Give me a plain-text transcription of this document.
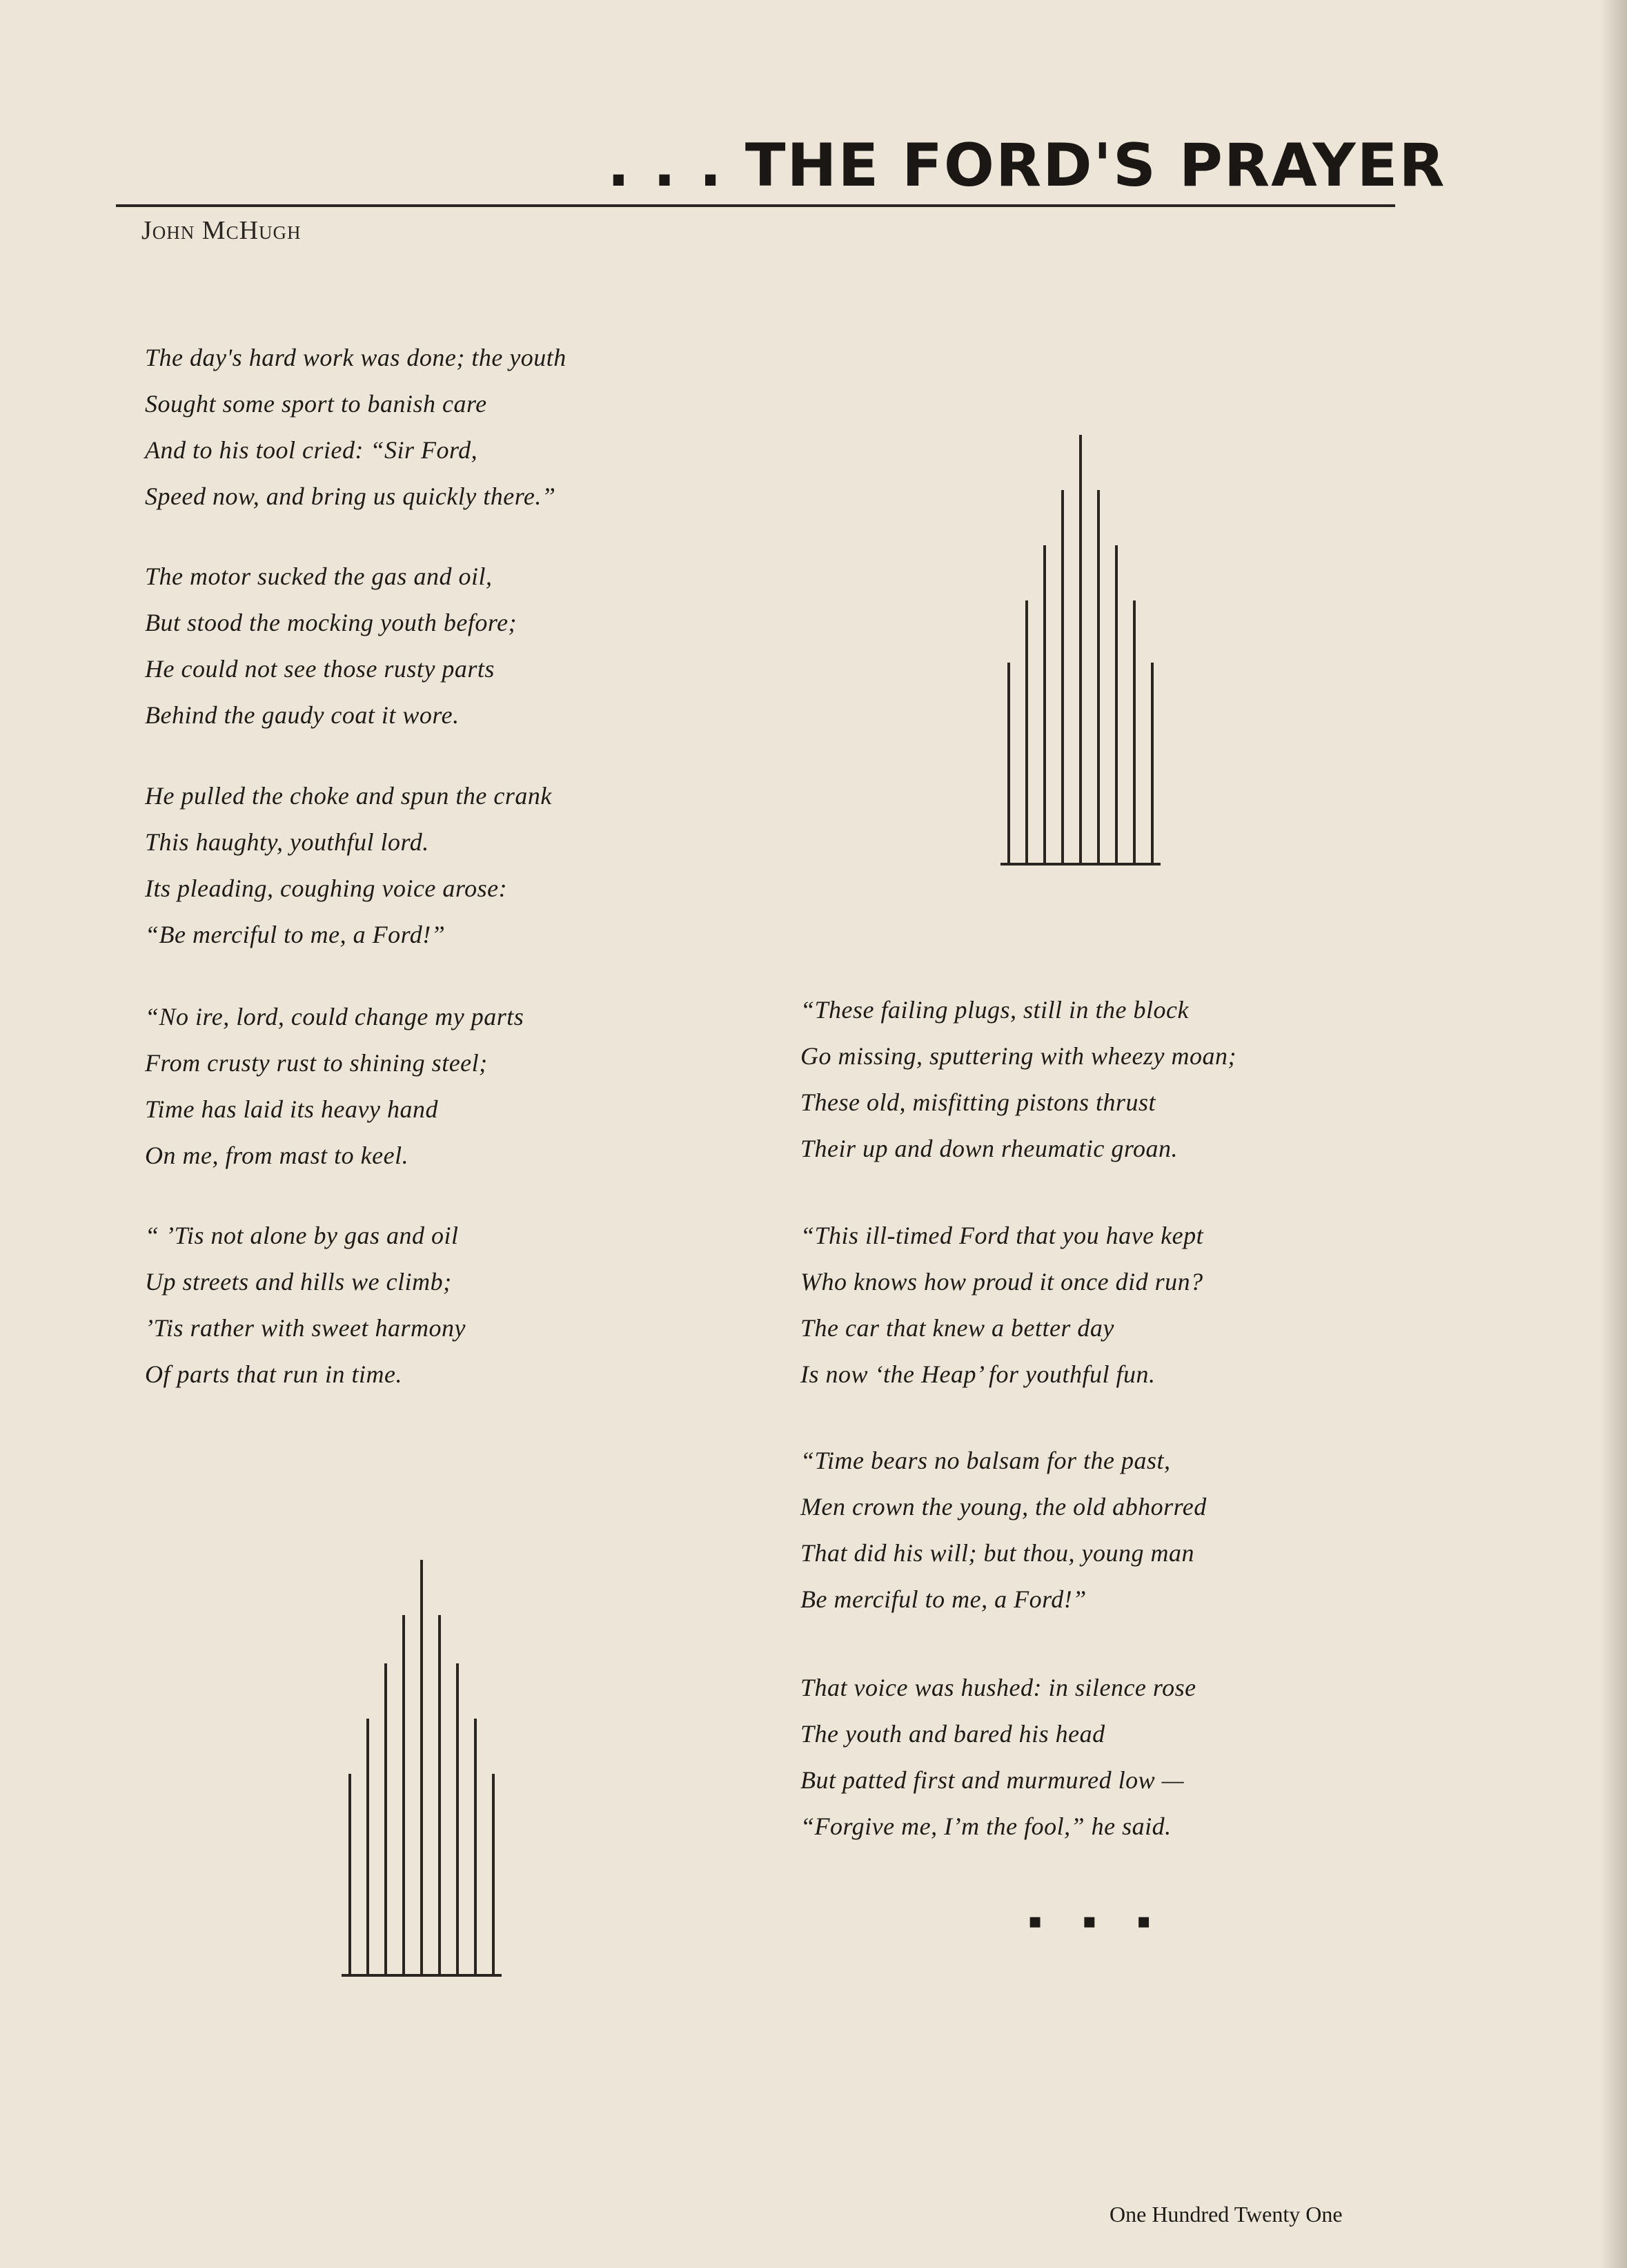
. . . THE FORD'S PRAYER
John McHugh
The day's hard work was done; the youth
Sought some sport to banish care
And to his tool cried: “Sir Ford,
Speed now, and bring us quickly there.”
The motor sucked the gas and oil,
But stood the mocking youth before;
He could not see those rusty parts
Behind the gaudy coat it wore.
He pulled the choke and spun the crank
This haughty, youthful lord.
Its pleading, coughing voice arose:
“Be merciful to me, a Ford!”
“No ire, lord, could change my parts
From crusty rust to shining steel;
Time has laid its heavy hand
On me, from mast to keel.
“ ’Tis not alone by gas and oil
Up streets and hills we climb;
’Tis rather with sweet harmony
Of parts that run in time.
“These failing plugs, still in the block
Go missing, sputtering with wheezy moan;
These old, misfitting pistons thrust
Their up and down rheumatic groan.
“This ill-timed Ford that you have kept
Who knows how proud it once did run?
The car that knew a better day
Is now ‘the Heap’ for youthful fun.
“Time bears no balsam for the past,
Men crown the young, the old abhorred
That did his will; but thou, young man
Be merciful to me, a Ford!”
That voice was hushed: in silence rose
The youth and bared his head
But patted first and murmured low —
“Forgive me, I’m the fool,” he said.
▪ ▪ ▪
One Hundred Twenty One
